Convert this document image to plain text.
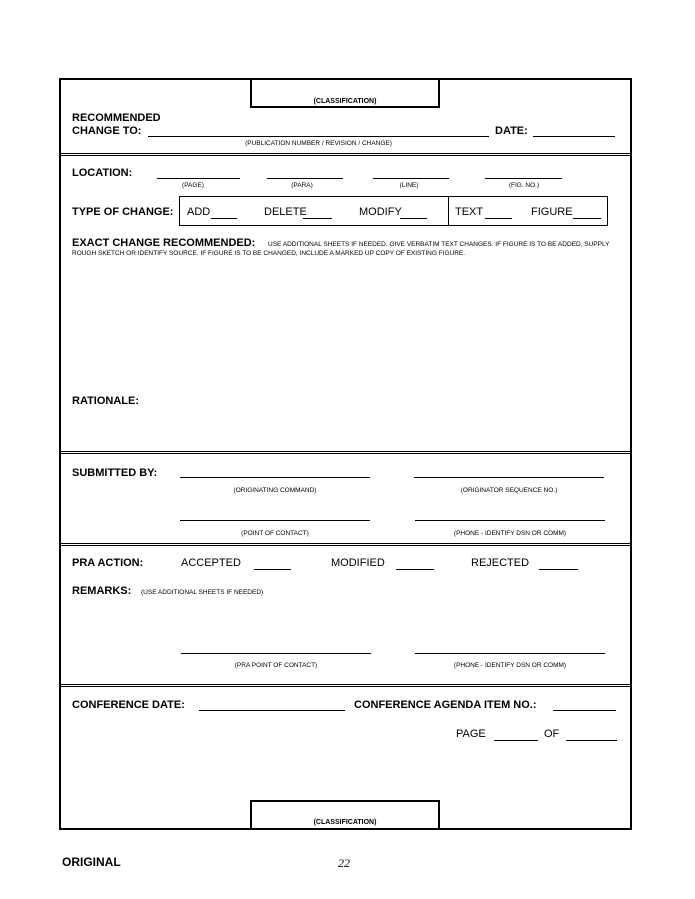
(CLASSIFICATION)
RECOMMENDED
CHANGE TO:
(PUBLICATION NUMBER / REVISION / CHANGE)
DATE:
LOCATION:
(PAGE)	(PARA)	(LINE)	(FIG. NO.)
TYPE OF CHANGE: ADD	DELETE	MODIFY	TEXT	FIGURE
EXACT CHANGE RECOMMENDED: USE ADDITIONAL SHEETS IF NEEDED. GIVE VERBATIM TEXT CHANGES. IF FIGURE IS TO BE ADDED, SUPPLY
ROUGH SKETCH OR IDENTIFY SOURCE. IF FIGURE IS TO BE CHANGED, INCLUDE A MARKED UP COPY OF EXISTING FIGURE.
RATIONALE:
SUBMITTED BY:
(ORIGINATING COMMAND)	(ORIGINATOR SEQUENCE NO.)
(POINT OF CONTACT)	(PHONE - IDENTIFY DSN OR COMM)
PRA ACTION:	ACCEPTED	MODIFIED	REJECTED
REMARKS: (USE ADDITIONAL SHEETS IF NEEDED)
(PRA POINT OF CONTACT)	(PHONE - IDENTIFY DSN OR COMM)
CONFERENCE DATE:	CONFERENCE AGENDA ITEM NO.:
PAGE	OF
(CLASSIFICATION)
ORIGINAL	22
